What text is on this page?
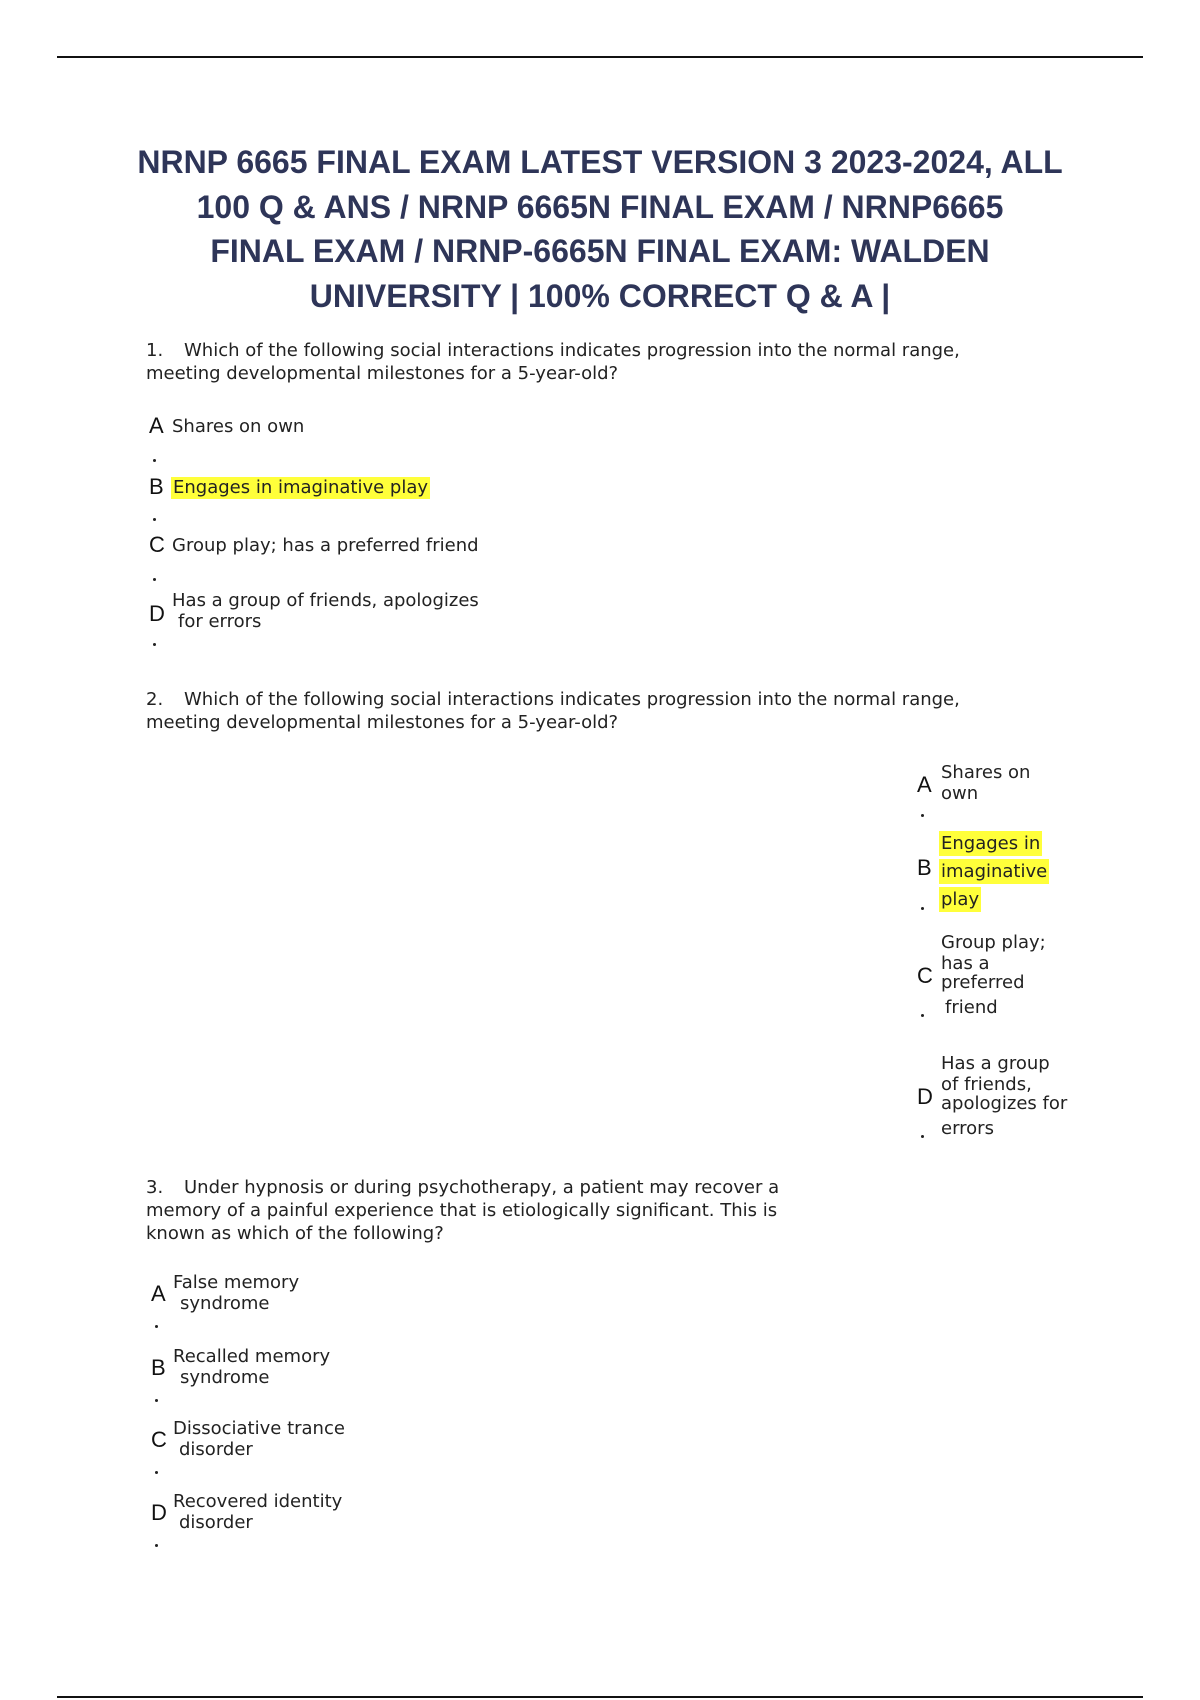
NRNP 6665 FINAL EXAM LATEST VERSION 3 2023-2024, ALL
100 Q & ANS / NRNP 6665N FINAL EXAM / NRNP6665
FINAL EXAM / NRNP-6665N FINAL EXAM: WALDEN
UNIVERSITY | 100% CORRECT Q & A |
1. Which of the following social interactions indicates progression into the normal range,
meeting developmental milestones for a 5-year-old?
A Shares on own
B Engages in imaginative play
C Group play; has a preferred friend
D
Has a group of friends, apologizes
for errors
2. Which of the following social interactions indicates progression into the normal range,
meeting developmental milestones for a 5-year-old?
A Shares on
own
B
Engages in
imaginative
play
C
Group play;
has a
preferred
friend
D
Has a group
of friends,
apologizes for
errors
3. Under hypnosis or during psychotherapy, a patient may recover a
memory of a painful experience that is etiologically significant. This is
known as which of the following?
A False memory
syndrome
B Recalled memory
syndrome
C Dissociative trance
disorder
D Recovered identity
disorder
